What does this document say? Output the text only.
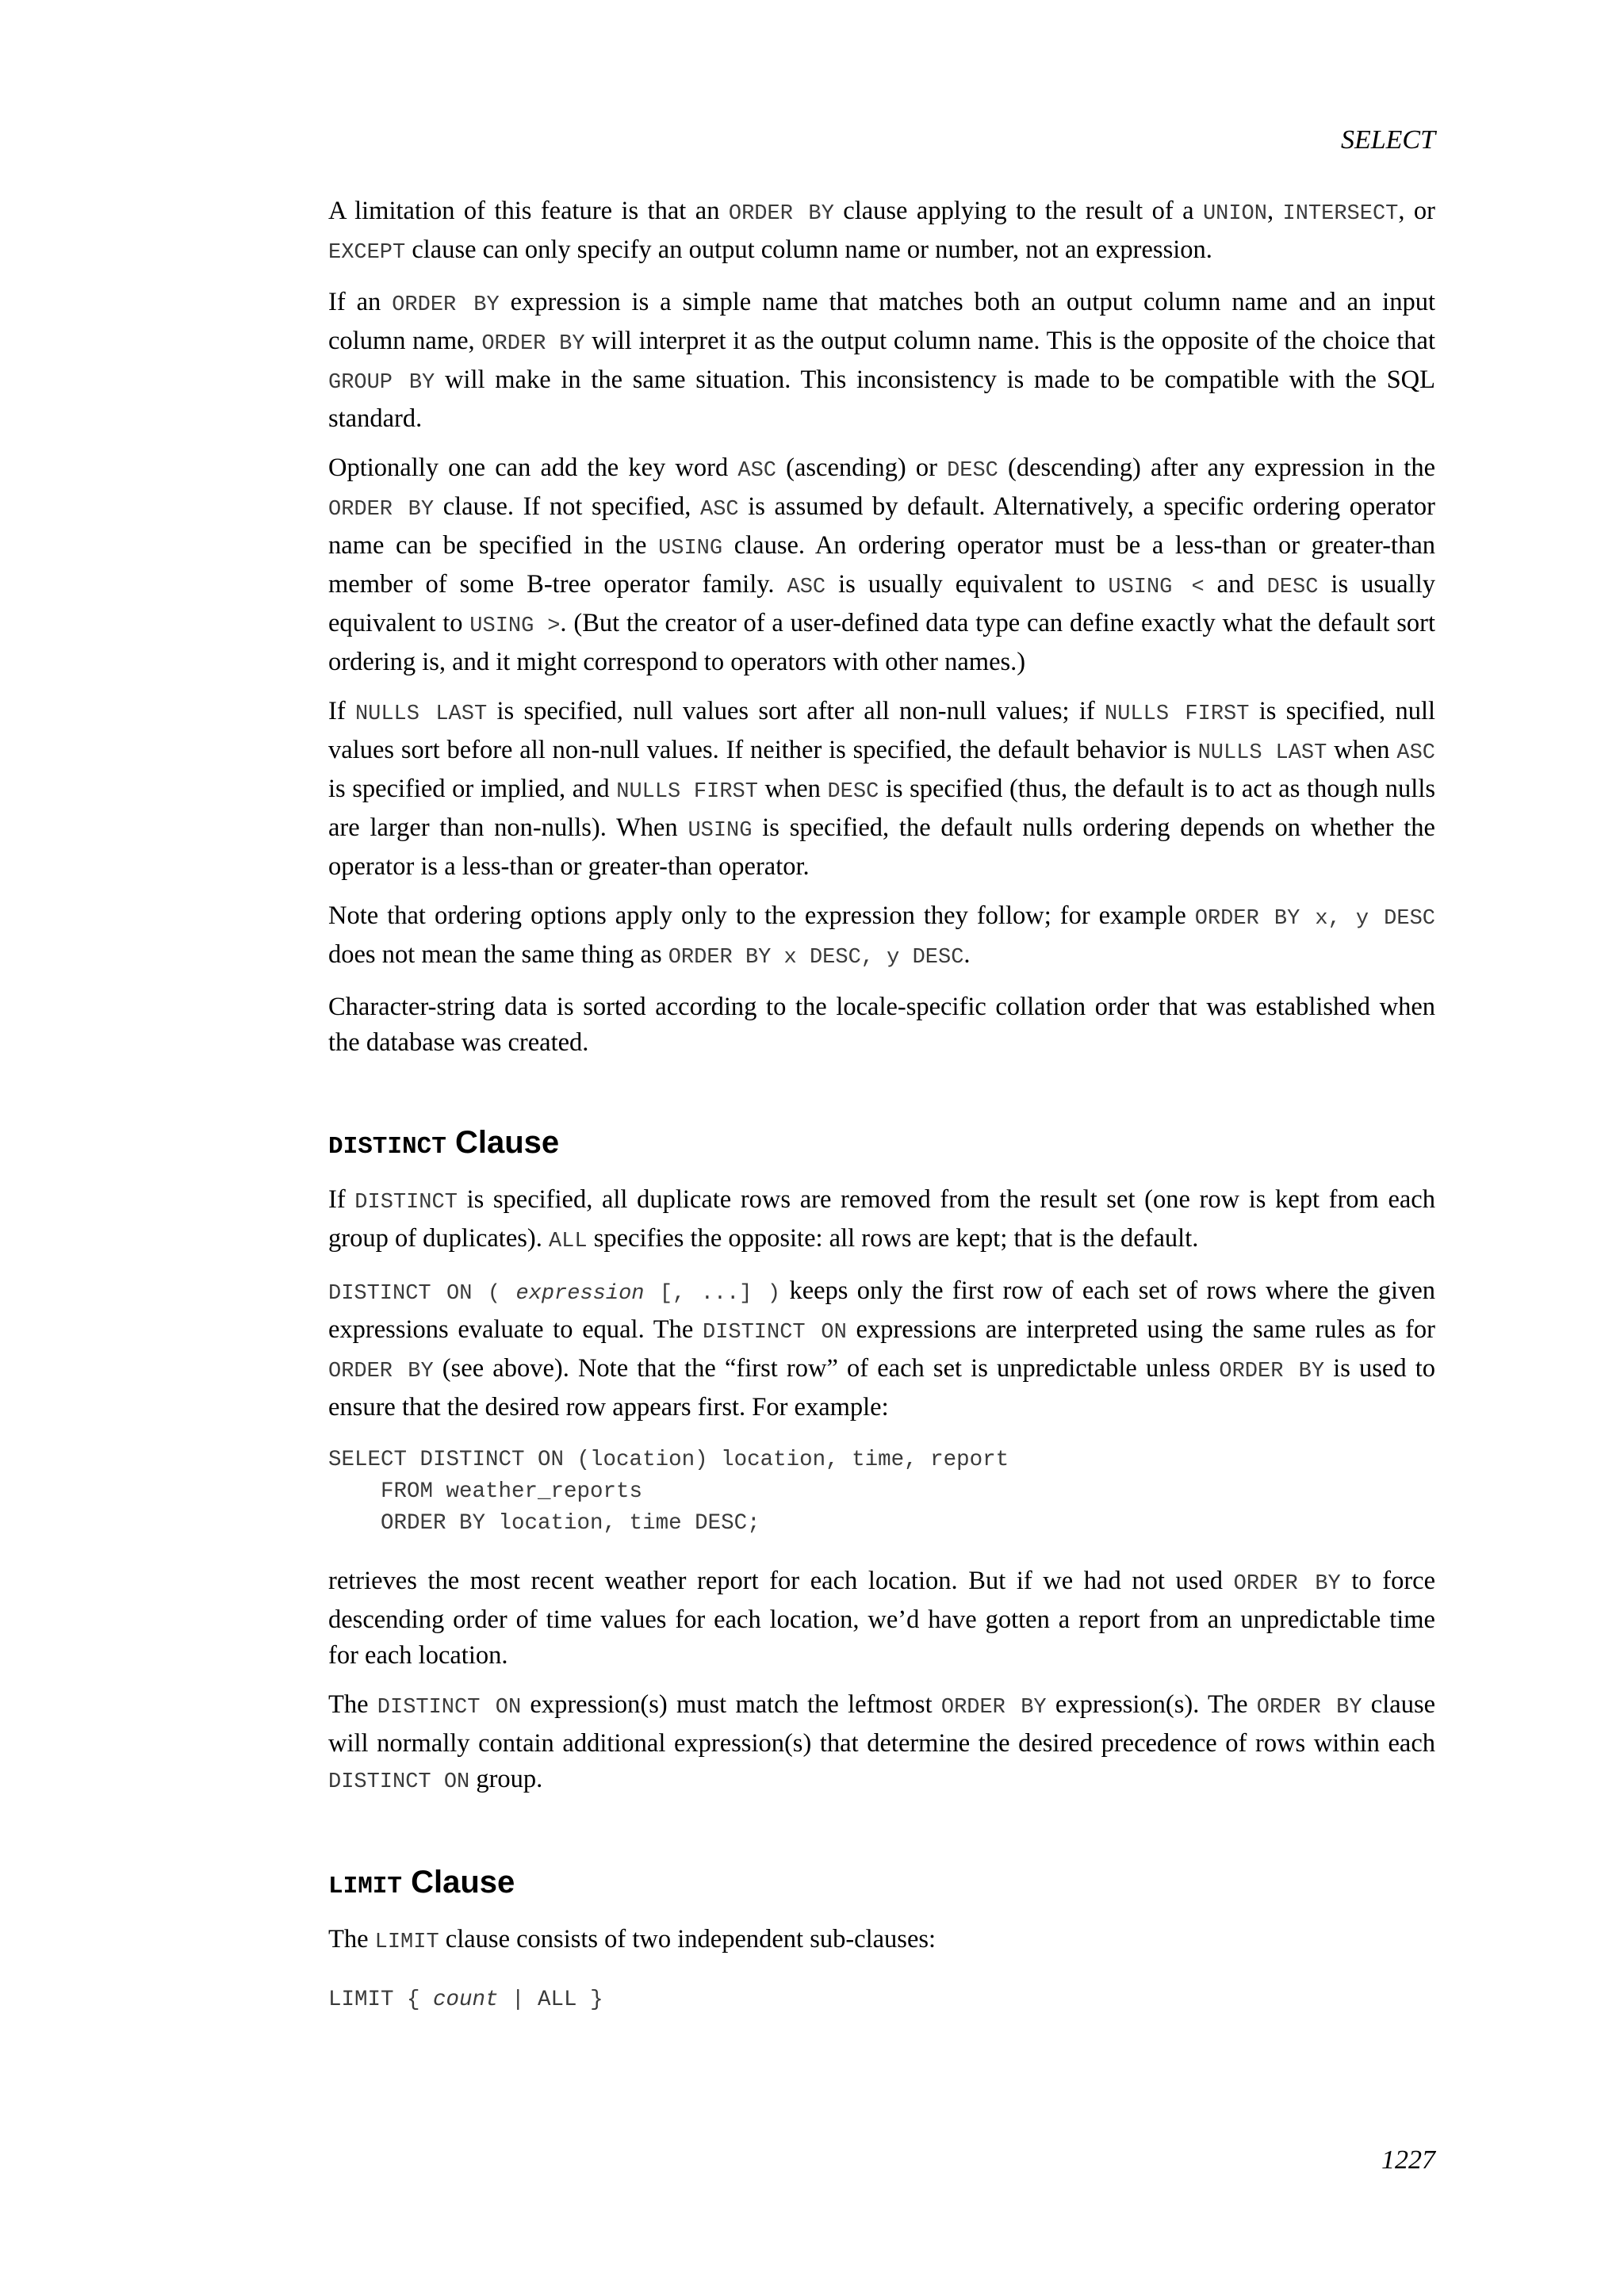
SELECT

A limitation of this feature is that an ORDER BY clause applying to the result of a UNION, INTERSECT, or EXCEPT clause can only specify an output column name or number, not an expression.

If an ORDER BY expression is a simple name that matches both an output column name and an input column name, ORDER BY will interpret it as the output column name. This is the opposite of the choice that GROUP BY will make in the same situation. This inconsistency is made to be compatible with the SQL standard.

Optionally one can add the key word ASC (ascending) or DESC (descending) after any expression in the ORDER BY clause. If not specified, ASC is assumed by default. Alternatively, a specific ordering operator name can be specified in the USING clause. An ordering operator must be a less-than or greater-than member of some B-tree operator family. ASC is usually equivalent to USING < and DESC is usually equivalent to USING >. (But the creator of a user-defined data type can define exactly what the default sort ordering is, and it might correspond to operators with other names.)

If NULLS LAST is specified, null values sort after all non-null values; if NULLS FIRST is specified, null values sort before all non-null values. If neither is specified, the default behavior is NULLS LAST when ASC is specified or implied, and NULLS FIRST when DESC is specified (thus, the default is to act as though nulls are larger than non-nulls). When USING is specified, the default nulls ordering depends on whether the operator is a less-than or greater-than operator.

Note that ordering options apply only to the expression they follow; for example ORDER BY x, y DESC does not mean the same thing as ORDER BY x DESC, y DESC.

Character-string data is sorted according to the locale-specific collation order that was established when the database was created.

DISTINCT Clause

If DISTINCT is specified, all duplicate rows are removed from the result set (one row is kept from each group of duplicates). ALL specifies the opposite: all rows are kept; that is the default.

DISTINCT ON ( expression [, ...] ) keeps only the first row of each set of rows where the given expressions evaluate to equal. The DISTINCT ON expressions are interpreted using the same rules as for ORDER BY (see above). Note that the “first row” of each set is unpredictable unless ORDER BY is used to ensure that the desired row appears first. For example:

SELECT DISTINCT ON (location) location, time, report
FROM weather_reports
ORDER BY location, time DESC;

retrieves the most recent weather report for each location. But if we had not used ORDER BY to force descending order of time values for each location, we’d have gotten a report from an unpredictable time for each location.

The DISTINCT ON expression(s) must match the leftmost ORDER BY expression(s). The ORDER BY clause will normally contain additional expression(s) that determine the desired precedence of rows within each DISTINCT ON group.

LIMIT Clause

The LIMIT clause consists of two independent sub-clauses:

LIMIT { count | ALL }
1227
